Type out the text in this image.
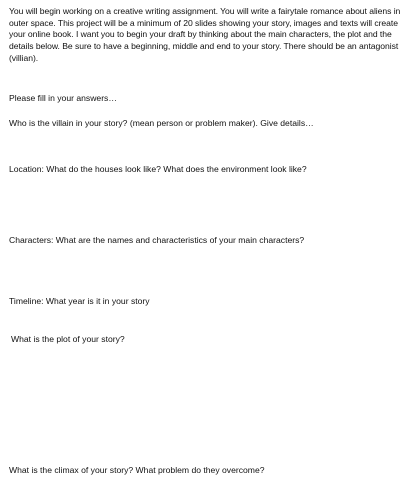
You will begin working on a creative writing assignment. You will write a fairytale romance about aliens in outer space. This project will be a minimum of 20 slides showing your story, images and texts will create your online book. I want you to begin your draft by thinking about the main characters, the plot and the details below. Be sure to have a beginning, middle and end to your story. There should be an antagonist (villian).

Please fill in your answers…

Who is the villain in your story? (mean person or problem maker). Give details…

Location: What do the houses look like? What does the environment look like?

Characters: What are the names and characteristics of your main characters?

Timeline: What year is it in your story

What is the plot of your story?

What is the climax of your story? What problem do they overcome?
